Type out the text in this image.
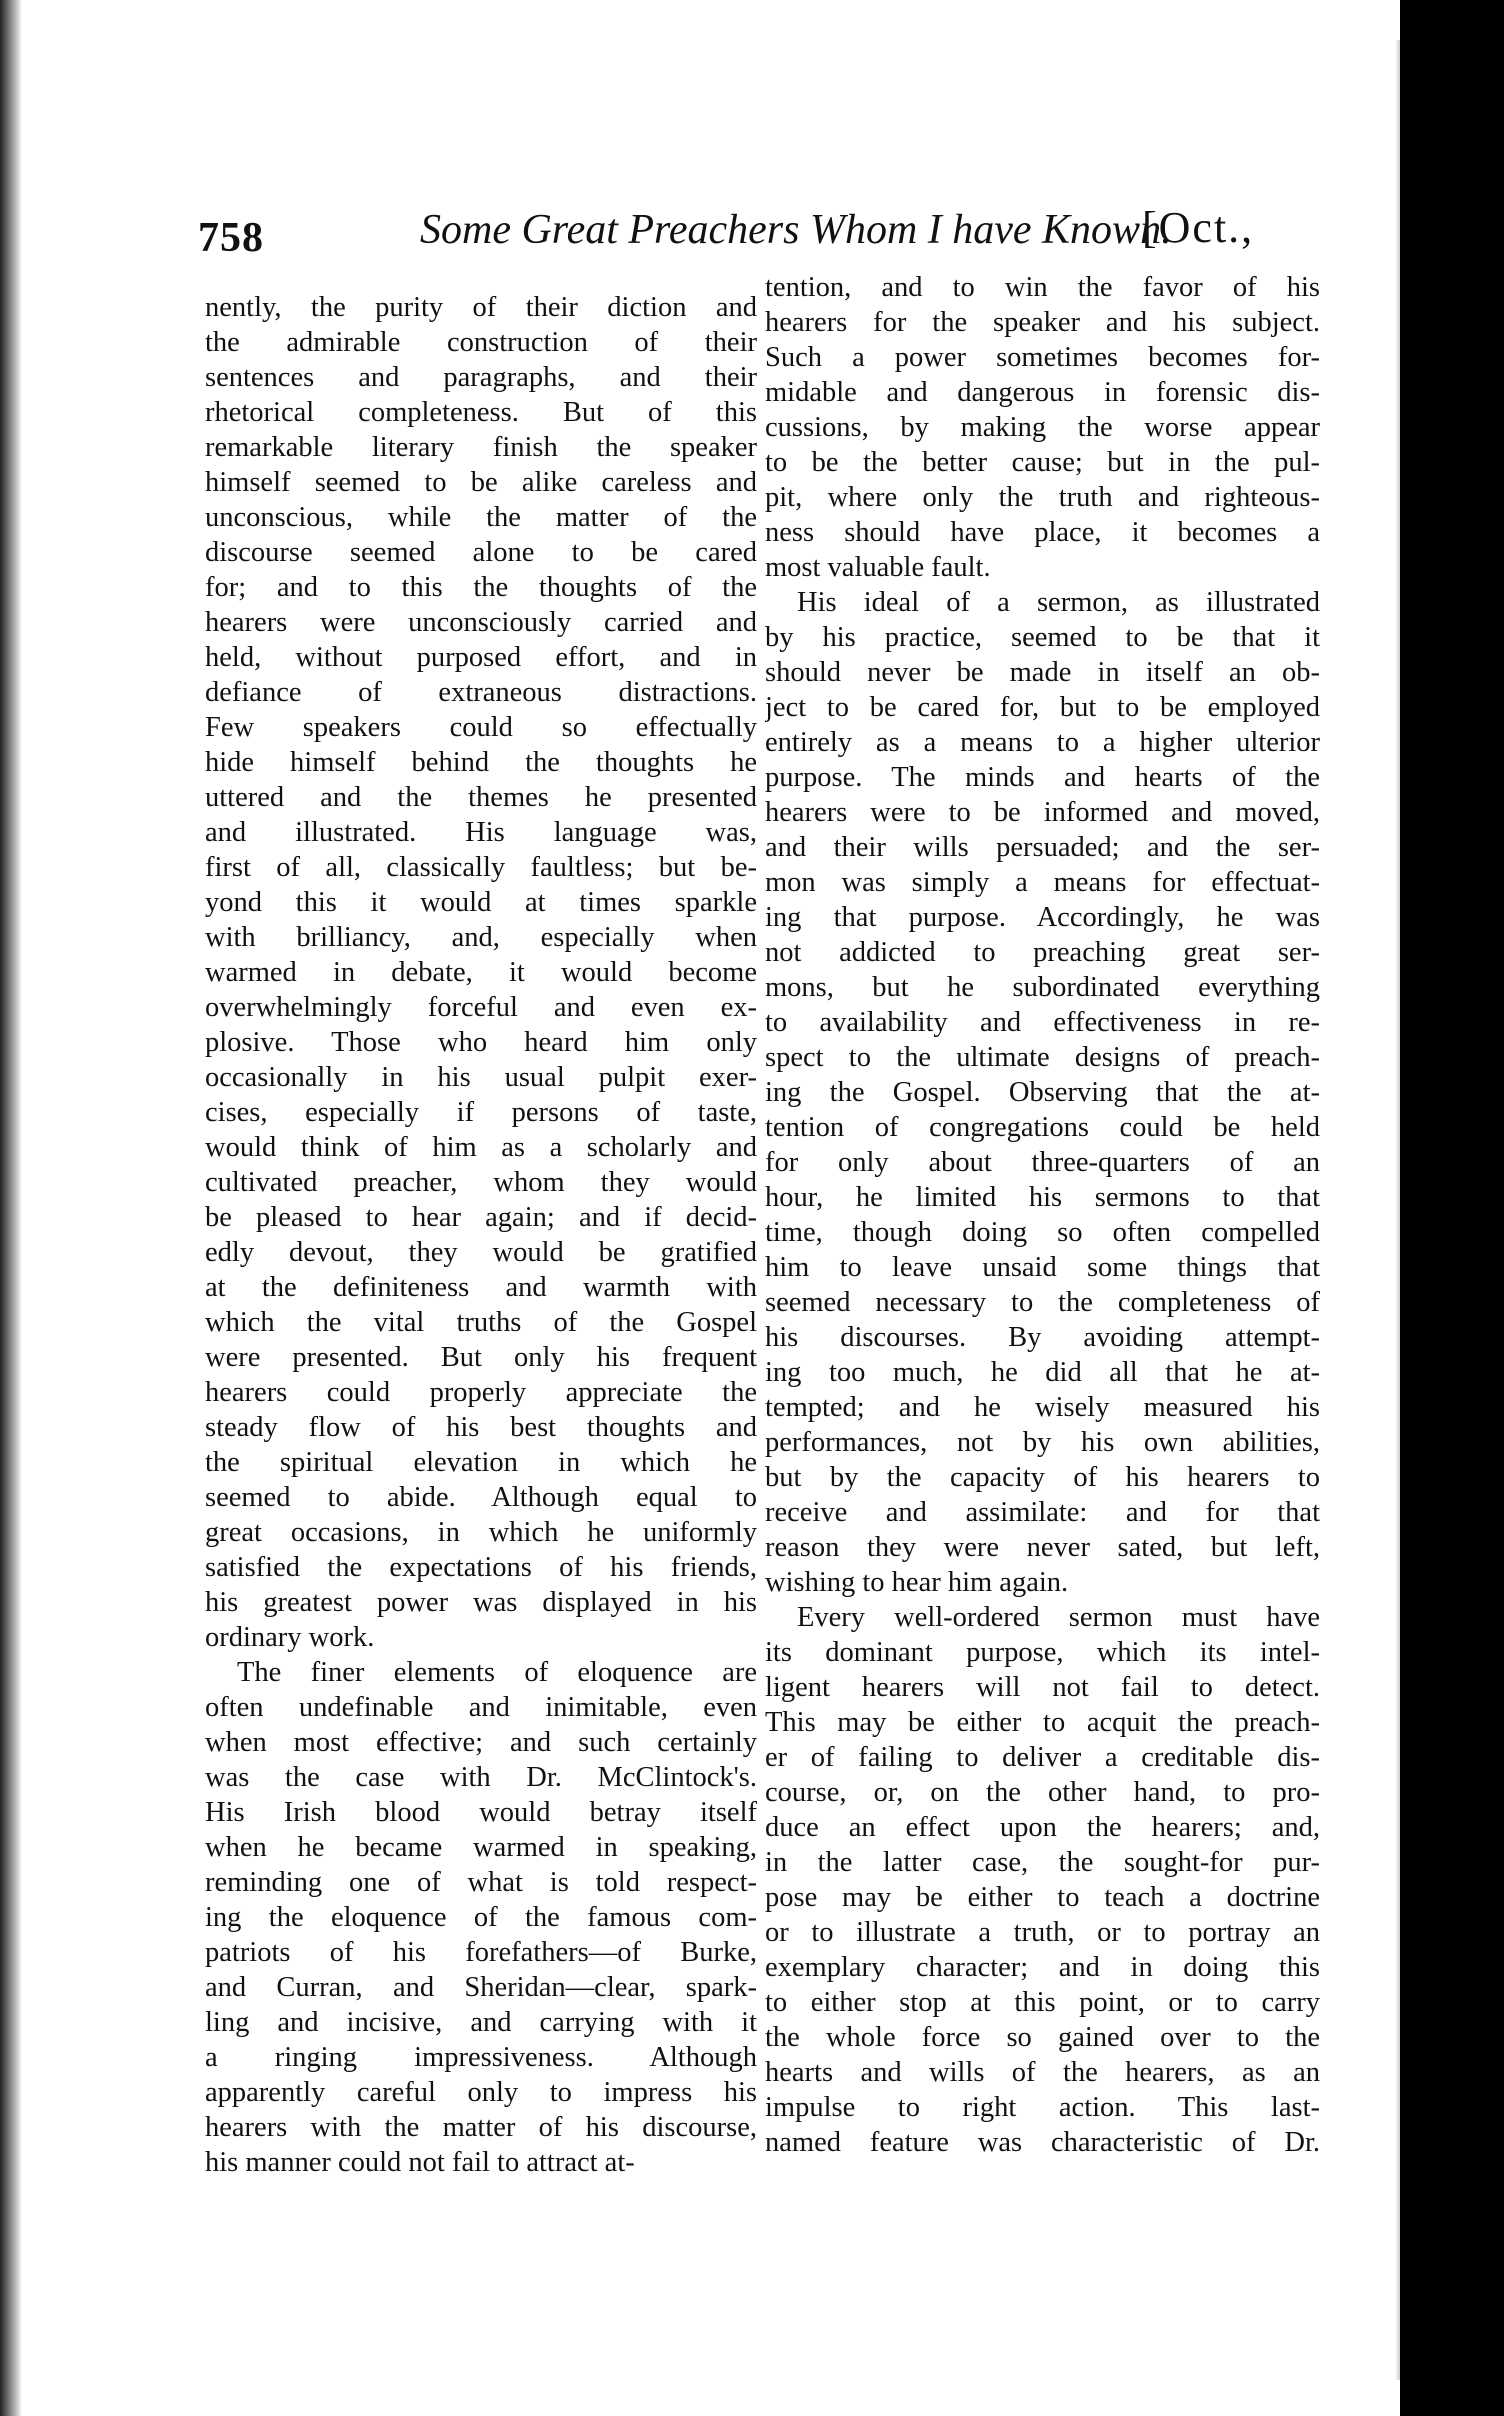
758	Some Great Preachers Whom I have Known.
[Oct.,
nently, the purity of their diction and
the admirable construction of their
sentences and paragraphs, and their
rhetorical completeness. But of this
remarkable literary finish the speaker
himself seemed to be alike careless and
unconscious, while the matter of the
discourse seemed alone to be cared
for; and to this the thoughts of the
hearers were unconsciously carried and
held, without purposed effort, and in
defiance of extraneous distractions.
Few speakers could so effectually
hide himself behind the thoughts he
uttered and the themes he presented
and illustrated. His language was,
first of all, classically faultless; but be-
yond this it would at times sparkle
with brilliancy, and, especially when
warmed in debate, it would become
overwhelmingly forceful and even ex-
plosive. Those who heard him only
occasionally in his usual pulpit exer-
cises, especially if persons of taste,
would think of him as a scholarly and
cultivated preacher, whom they would
be pleased to hear again; and if decid-
edly devout, they would be gratified
at the definiteness and warmth with
which the vital truths of the Gospel
were presented. But only his frequent
hearers could properly appreciate the
steady flow of his best thoughts and
the spiritual elevation in which he
seemed to abide. Although equal to
great occasions, in which he uniformly
satisfied the expectations of his friends,
his greatest power was displayed in his
ordinary work.
The finer elements of eloquence are
often undefinable and inimitable, even
when most effective; and such certainly
was the case with Dr. McClintock's.
His Irish blood would betray itself
when he became warmed in speaking,
reminding one of what is told respect-
ing the eloquence of the famous com-
patriots of his forefathers—of Burke,
and Curran, and Sheridan—clear, spark-
ling and incisive, and carrying with it
a ringing impressiveness. Although
apparently careful only to impress his
hearers with the matter of his discourse,
his manner could not fail to attract at-
tention, and to win the favor of his
hearers for the speaker and his subject.
Such a power sometimes becomes for-
midable and dangerous in forensic dis-
cussions, by making the worse appear
to be the better cause; but in the pul-
pit, where only the truth and righteous-
ness should have place, it becomes a
most valuable fault.
His ideal of a sermon, as illustrated
by his practice, seemed to be that it
should never be made in itself an ob-
ject to be cared for, but to be employed
entirely as a means to a higher ulterior
purpose. The minds and hearts of the
hearers were to be informed and moved,
and their wills persuaded; and the ser-
mon was simply a means for effectuat-
ing that purpose. Accordingly, he was
not addicted to preaching great ser-
mons, but he subordinated everything
to availability and effectiveness in re-
spect to the ultimate designs of preach-
ing the Gospel. Observing that the at-
tention of congregations could be held
for only about three-quarters of an
hour, he limited his sermons to that
time, though doing so often compelled
him to leave unsaid some things that
seemed necessary to the completeness of
his discourses. By avoiding attempt-
ing too much, he did all that he at-
tempted; and he wisely measured his
performances, not by his own abilities,
but by the capacity of his hearers to
receive and assimilate: and for that
reason they were never sated, but left,
wishing to hear him again.
Every well-ordered sermon must have
its dominant purpose, which its intel-
ligent hearers will not fail to detect.
This may be either to acquit the preach-
er of failing to deliver a creditable dis-
course, or, on the other hand, to pro-
duce an effect upon the hearers; and,
in the latter case, the sought-for pur-
pose may be either to teach a doctrine
or to illustrate a truth, or to portray an
exemplary character; and in doing this
to either stop at this point, or to carry
the whole force so gained over to the
hearts and wills of the hearers, as an
impulse to right action. This last-
named feature was characteristic of Dr.
